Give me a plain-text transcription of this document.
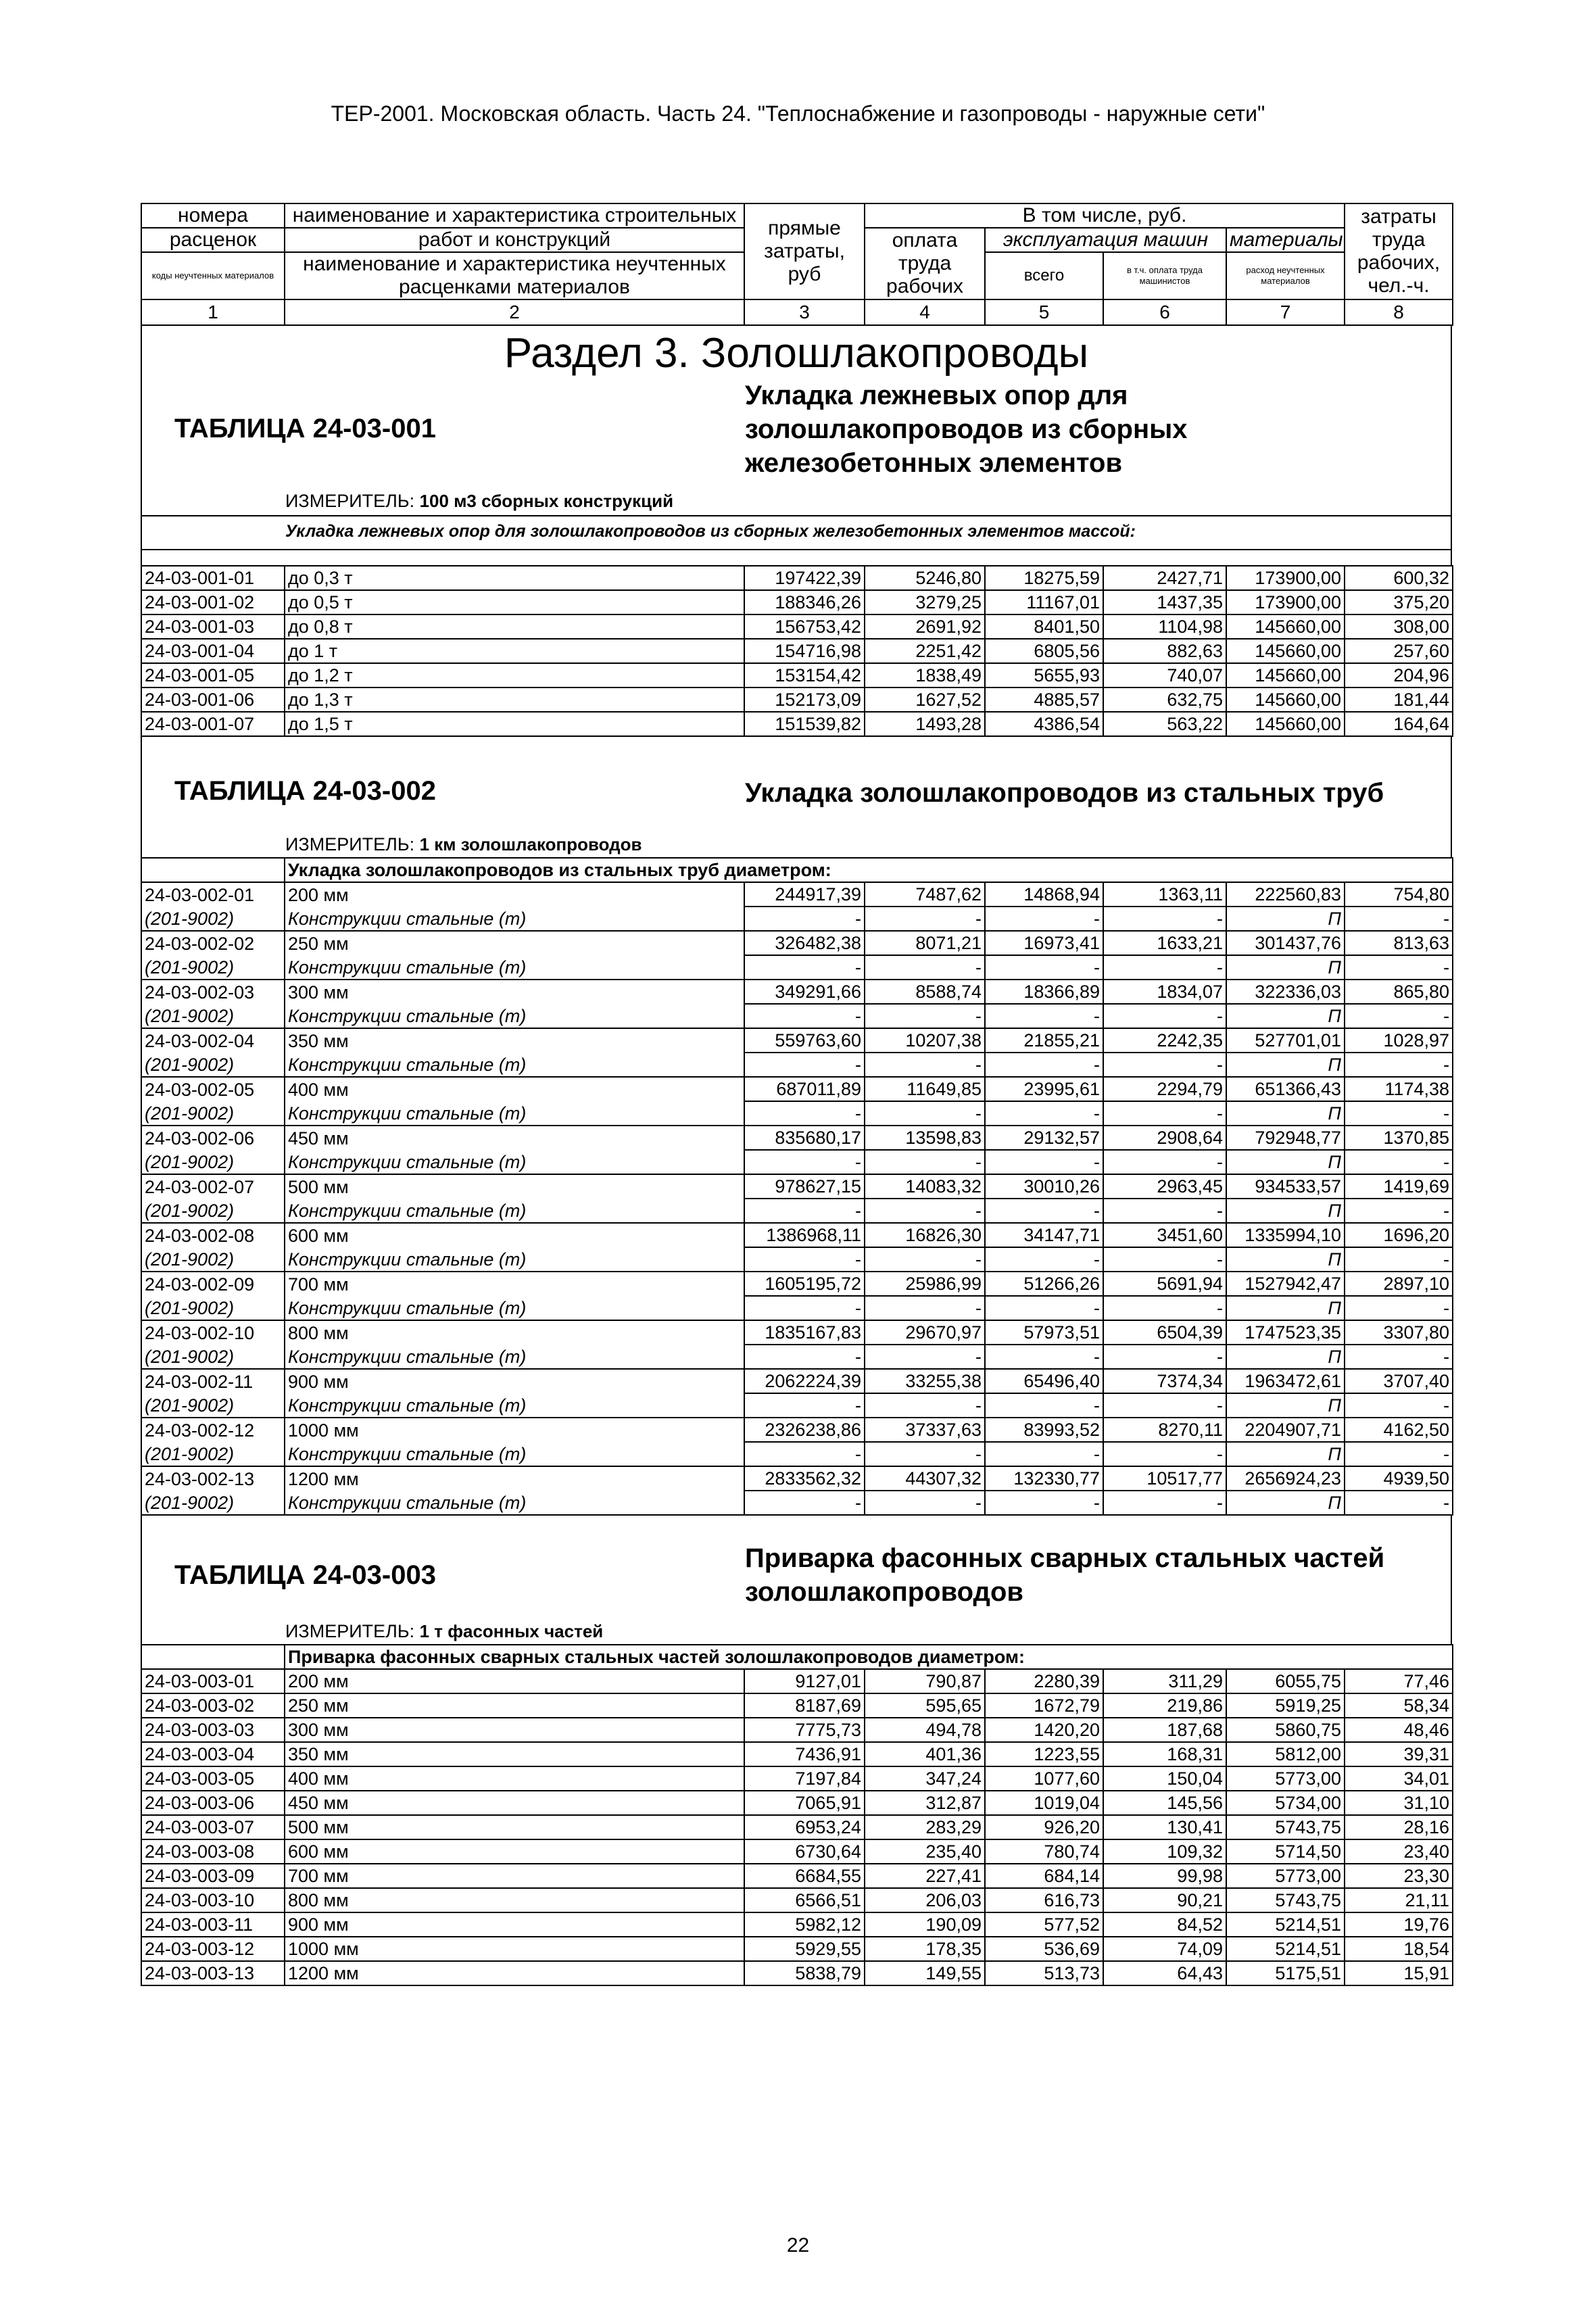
ТЕР-2001. Московская область. Часть 24. "Теплоснабжение и газопроводы - наружные сети"
номера	наименование и характеристика строительных	прямые затраты, руб	В том числе, руб.				затраты труда рабочих, чел.-ч.
расценок	работ и конструкций		оплата труда рабочих	эксплуатация машин		материалы	
коды неучтенных материалов	наименование и характеристика неучтенных расценками материалов			всего	в т.ч. оплата труда машинистов	расход неучтенных материалов	

1	2	3	4	5	6	7	8
Раздел 3. Золошлакопроводы
ТАБЛИЦА 24-03-001
Укладка лежневых опор для
золошлакопроводов из сборных
железобетонных элементов
ИЗМЕРИТЕЛЬ: 100 м3 сборных конструкций
Укладка лежневых опор для золошлакопроводов из сборных железобетонных элементов массой:
24-03-001-01	до 0,3 т	197422,39	5246,80	18275,59	2427,71	173900,00	600,32
24-03-001-02	до 0,5 т	188346,26	3279,25	11167,01	1437,35	173900,00	375,20
24-03-001-03	до 0,8 т	156753,42	2691,92	8401,50	1104,98	145660,00	308,00
24-03-001-04	до 1 т	154716,98	2251,42	6805,56	882,63	145660,00	257,60
24-03-001-05	до 1,2 т	153154,42	1838,49	5655,93	740,07	145660,00	204,96
24-03-001-06	до 1,3 т	152173,09	1627,52	4885,57	632,75	145660,00	181,44
24-03-001-07	до 1,5 т	151539,82	1493,28	4386,54	563,22	145660,00	164,64
ТАБЛИЦА 24-03-002	Укладка золошлакопроводов из стальных труб
ИЗМЕРИТЕЛЬ: 1 км золошлакопроводов
	Укладка золошлакопроводов из стальных труб диаметром:						
24-03-002-01	200 мм	244917,39	7487,62	14868,94	1363,11	222560,83	754,80
(201-9002)	Конструкции стальные (т)	-	-	-	-	П	-
24-03-002-02	250 мм	326482,38	8071,21	16973,41	1633,21	301437,76	813,63
(201-9002)	Конструкции стальные (т)	-	-	-	-	П	-
24-03-002-03	300 мм	349291,66	8588,74	18366,89	1834,07	322336,03	865,80
(201-9002)	Конструкции стальные (т)	-	-	-	-	П	-
24-03-002-04	350 мм	559763,60	10207,38	21855,21	2242,35	527701,01	1028,97
(201-9002)	Конструкции стальные (т)	-	-	-	-	П	-
24-03-002-05	400 мм	687011,89	11649,85	23995,61	2294,79	651366,43	1174,38
(201-9002)	Конструкции стальные (т)	-	-	-	-	П	-
24-03-002-06	450 мм	835680,17	13598,83	29132,57	2908,64	792948,77	1370,85
(201-9002)	Конструкции стальные (т)	-	-	-	-	П	-
24-03-002-07	500 мм	978627,15	14083,32	30010,26	2963,45	934533,57	1419,69
(201-9002)	Конструкции стальные (т)	-	-	-	-	П	-
24-03-002-08	600 мм	1386968,11	16826,30	34147,71	3451,60	1335994,10	1696,20
(201-9002)	Конструкции стальные (т)	-	-	-	-	П	-
24-03-002-09	700 мм	1605195,72	25986,99	51266,26	5691,94	1527942,47	2897,10
(201-9002)	Конструкции стальные (т)	-	-	-	-	П	-
24-03-002-10	800 мм	1835167,83	29670,97	57973,51	6504,39	1747523,35	3307,80
(201-9002)	Конструкции стальные (т)	-	-	-	-	П	-
24-03-002-11	900 мм	2062224,39	33255,38	65496,40	7374,34	1963472,61	3707,40
(201-9002)	Конструкции стальные (т)	-	-	-	-	П	-
24-03-002-12	1000 мм	2326238,86	37337,63	83993,52	8270,11	2204907,71	4162,50
(201-9002)	Конструкции стальные (т)	-	-	-	-	П	-
24-03-002-13	1200 мм	2833562,32	44307,32	132330,77	10517,77	2656924,23	4939,50
(201-9002)	Конструкции стальные (т)	-	-	-	-	П	-
ТАБЛИЦА 24-03-003
Приварка фасонных сварных стальных частей
золошлакопроводов
ИЗМЕРИТЕЛЬ: 1 т фасонных частей
	Приварка фасонных сварных стальных частей золошлакопроводов диаметром:						
24-03-003-01	200 мм	9127,01	790,87	2280,39	311,29	6055,75	77,46
24-03-003-02	250 мм	8187,69	595,65	1672,79	219,86	5919,25	58,34
24-03-003-03	300 мм	7775,73	494,78	1420,20	187,68	5860,75	48,46
24-03-003-04	350 мм	7436,91	401,36	1223,55	168,31	5812,00	39,31
24-03-003-05	400 мм	7197,84	347,24	1077,60	150,04	5773,00	34,01
24-03-003-06	450 мм	7065,91	312,87	1019,04	145,56	5734,00	31,10
24-03-003-07	500 мм	6953,24	283,29	926,20	130,41	5743,75	28,16
24-03-003-08	600 мм	6730,64	235,40	780,74	109,32	5714,50	23,40
24-03-003-09	700 мм	6684,55	227,41	684,14	99,98	5773,00	23,30
24-03-003-10	800 мм	6566,51	206,03	616,73	90,21	5743,75	21,11
24-03-003-11	900 мм	5982,12	190,09	577,52	84,52	5214,51	19,76
24-03-003-12	1000 мм	5929,55	178,35	536,69	74,09	5214,51	18,54
24-03-003-13	1200 мм	5838,79	149,55	513,73	64,43	5175,51	15,91
22
